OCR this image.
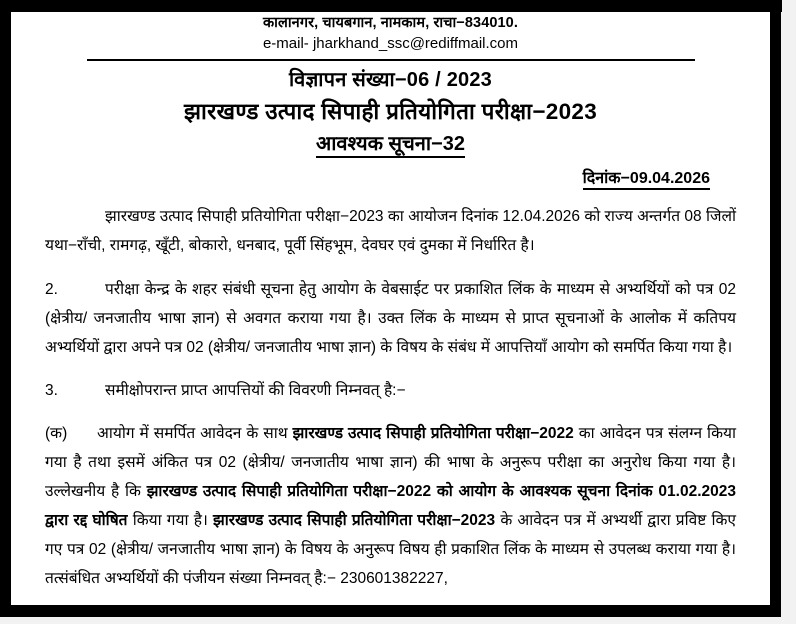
कालानगर, चायबगान, नामकाम, राचा−834010.

e-mail- jharkhand_ssc@rediffmail.com

विज्ञापन संख्या−06 / 2023

झारखण्ड उत्पाद सिपाही प्रतियोगिता परीक्षा−2023

आवश्यक सूचना−32

दिनांक−09.04.2026

झारखण्ड उत्पाद सिपाही प्रतियोगिता परीक्षा−2023 का आयोजन दिनांक 12.04.2026 को राज्य अन्तर्गत 08 जिलों यथा−राँची, रामगढ़, खूँटी, बोकारो, धनबाद, पूर्वी सिंहभूम, देवघर एवं दुमका में निर्धारित है।

2.	परीक्षा केन्द्र के शहर संबंधी सूचना हेतु आयोग के वेबसाईट पर प्रकाशित लिंक के माध्यम से अभ्यर्थियों को पत्र 02 (क्षेत्रीय/ जनजातीय भाषा ज्ञान) से अवगत कराया गया है। उक्त लिंक के माध्यम से प्राप्त सूचनाओं के आलोक में कतिपय अभ्यर्थियों द्वारा अपने पत्र 02 (क्षेत्रीय/ जनजातीय भाषा ज्ञान) के विषय के संबंध में आपत्तियाँ आयोग को समर्पित किया गया है।

3.	समीक्षोपरान्त प्राप्त आपत्तियों की विवरणी निम्नवत् है:−

(क) आयोग में समर्पित आवेदन के साथ झारखण्ड उत्पाद सिपाही प्रतियोगिता परीक्षा−2022 का आवेदन पत्र संलग्न किया गया है तथा इसमें अंकित पत्र 02 (क्षेत्रीय/ जनजातीय भाषा ज्ञान) की भाषा के अनुरूप परीक्षा का अनुरोध किया गया है। उल्लेखनीय है कि झारखण्ड उत्पाद सिपाही प्रतियोगिता परीक्षा−2022 को आयोग के आवश्यक सूचना दिनांक 01.02.2023 द्वारा रद्द घोषित किया गया है। झारखण्ड उत्पाद सिपाही प्रतियोगिता परीक्षा−2023 के आवेदन पत्र में अभ्यर्थी द्वारा प्रविष्ट किए गए पत्र 02 (क्षेत्रीय/ जनजातीय भाषा ज्ञान) के विषय के अनुरूप विषय ही प्रकाशित लिंक के माध्यम से उपलब्ध कराया गया है। तत्संबंधित अभ्यर्थियों की पंजीयन संख्या निम्नवत् है:− 230601382227,
